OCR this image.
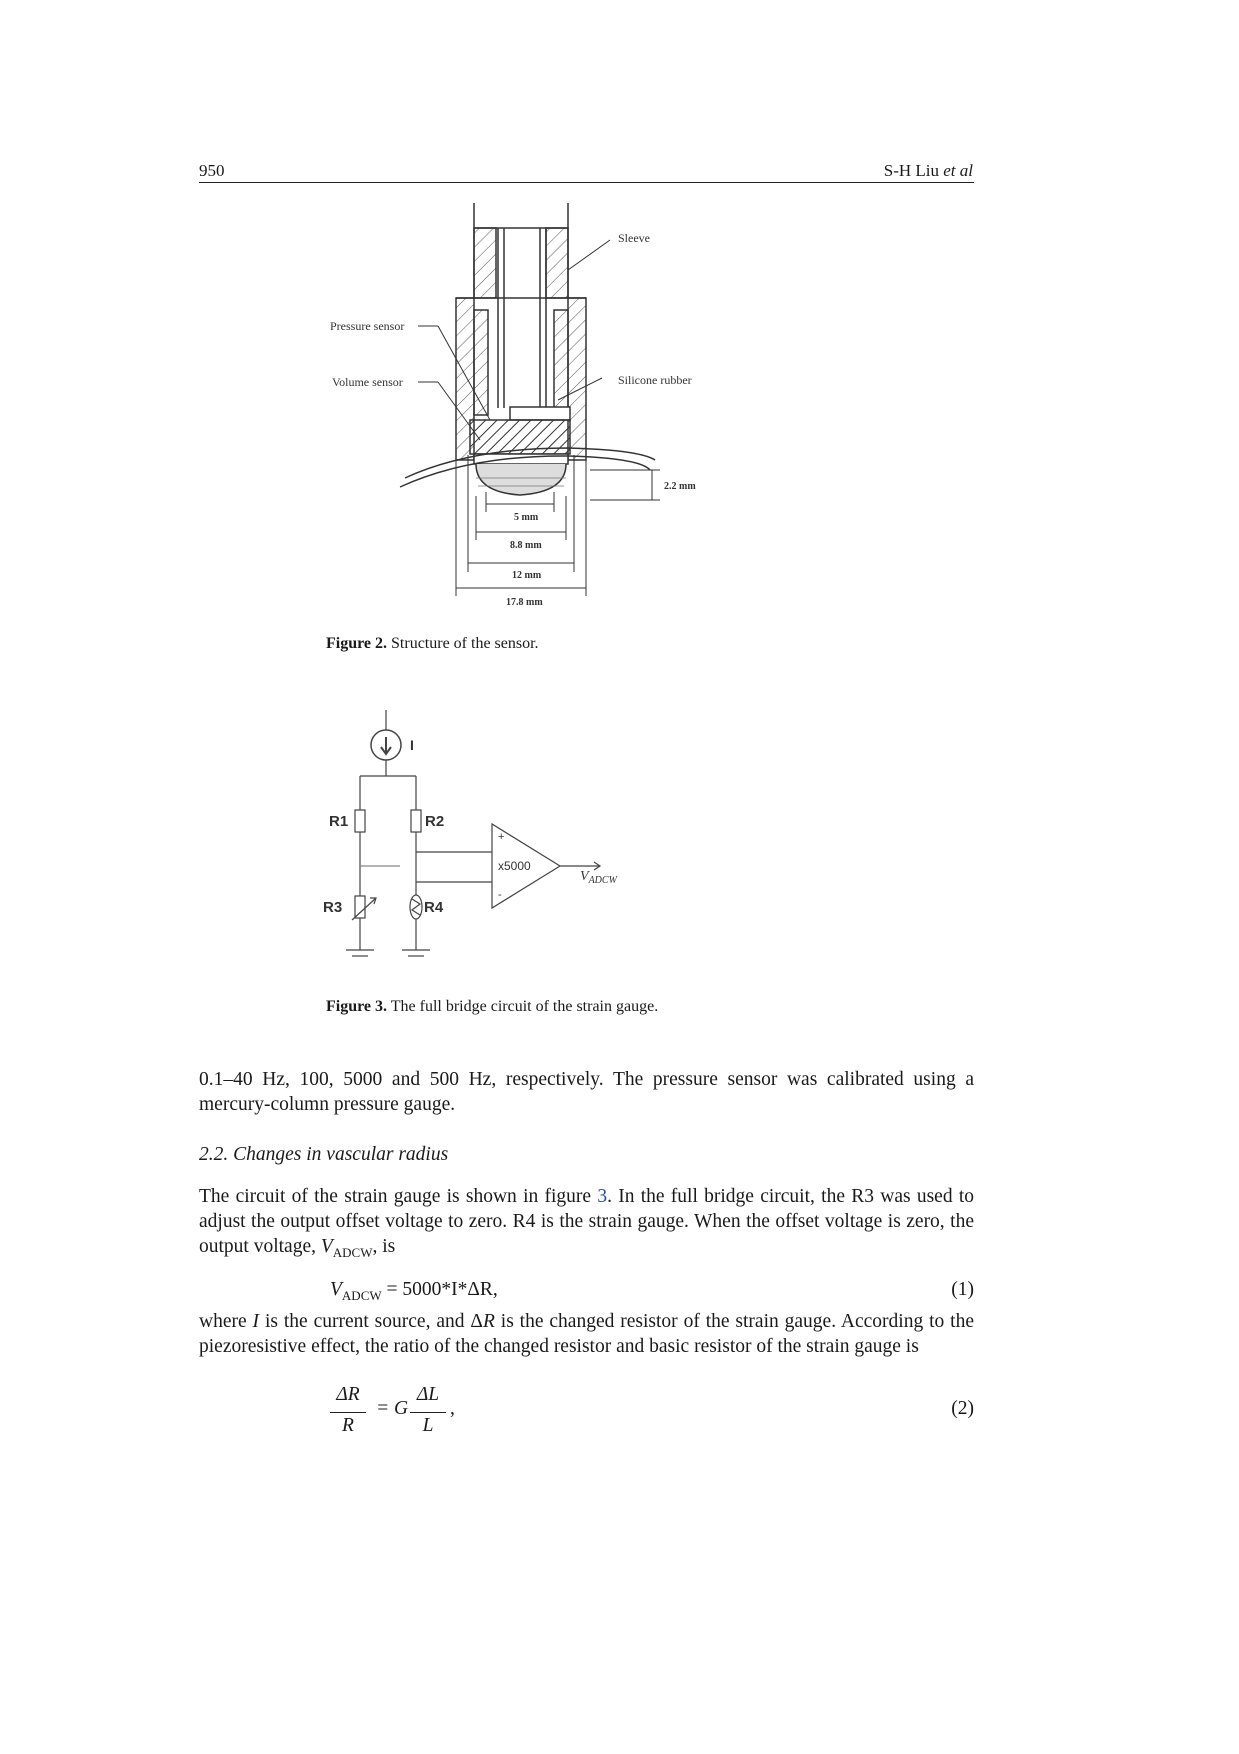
950	S-H Liu et al
Sleeve
Pressure sensor
Volume sensor	Silicone rubber
2.2 mm
5 mm
8.8 mm
12 mm
17.8 mm
Figure 2. Structure of the sensor.
I
R1	R2
R3	R4
+
-
x5000
$V_{ADCW}$
Figure 3. The full bridge circuit of the strain gauge.
0.1–40 Hz, 100, 5000 and 500 Hz, respectively. The pressure sensor was calibrated using a mercury-column pressure gauge.
2.2. Changes in vascular radius
The circuit of the strain gauge is shown in figure 3. In the full bridge circuit, the R3 was used to adjust the output offset voltage to zero. R4 is the strain gauge. When the offset voltage is zero, the output voltage, $V_{ADCW}$, is
$V_{ADCW} = 5000*I*\Delta R$,	(1)
where I is the current source, and ΔR is the changed resistor of the strain gauge. According to the piezoresistive effect, the ratio of the changed resistor and basic resistor of the strain gauge is
ΔR
R
= G
ΔL
L
,	(2)
